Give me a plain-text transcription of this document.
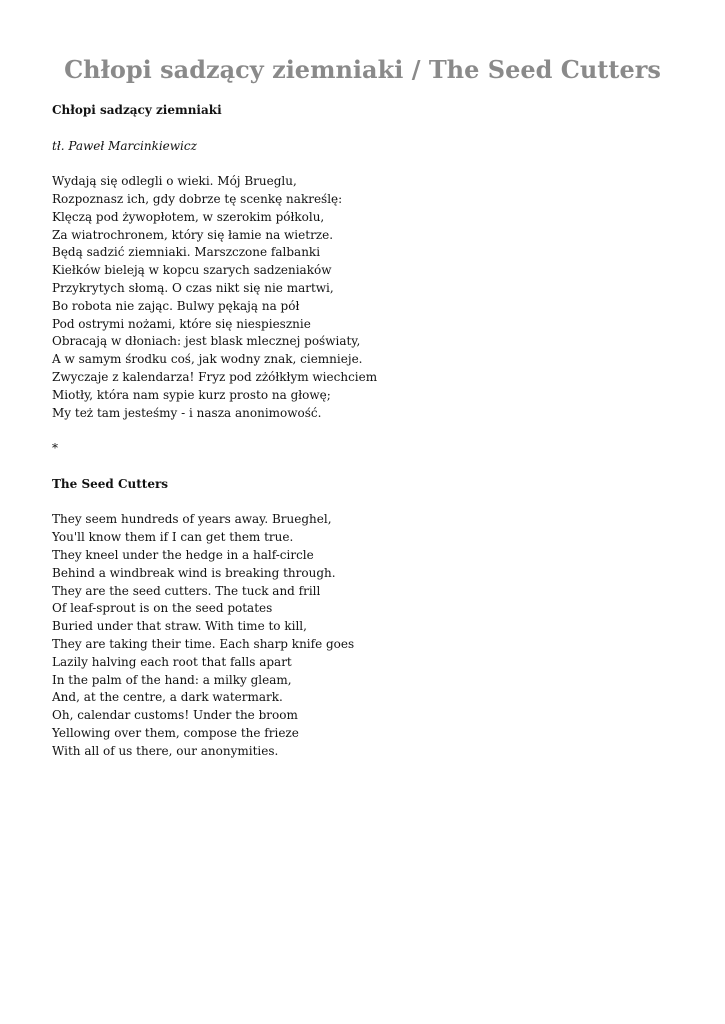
Chłopi sadzący ziemniaki / The Seed Cutters

Chłopi sadzący ziemniaki

tł. Paweł Marcinkiewicz

Wydają się odlegli o wieki. Mój Brueglu,
Rozpoznasz ich, gdy dobrze tę scenkę nakreślę:
Klęczą pod żywopłotem, w szerokim półkolu,
Za wiatrochronem, który się łamie na wietrze.
Będą sadzić ziemniaki. Marszczone falbanki
Kiełków bieleją w kopcu szarych sadzeniaków
Przykrytych słomą. O czas nikt się nie martwi,
Bo robota nie zając. Bulwy pękają na pół
Pod ostrymi nożami, które się niespiesznie
Obracają w dłoniach: jest blask mlecznej poświaty,
A w samym środku coś, jak wodny znak, ciemnieje.
Zwyczaje z kalendarza! Fryz pod zżółkłym wiechciem
Miotły, która nam sypie kurz prosto na głowę;
My też tam jesteśmy - i nasza anonimowość.

*

The Seed Cutters

They seem hundreds of years away. Brueghel,
You'll know them if I can get them true.
They kneel under the hedge in a half-circle
Behind a windbreak wind is breaking through.
They are the seed cutters. The tuck and frill
Of leaf-sprout is on the seed potates
Buried under that straw. With time to kill,
They are taking their time. Each sharp knife goes
Lazily halving each root that falls apart
In the palm of the hand: a milky gleam,
And, at the centre, a dark watermark.
Oh, calendar customs! Under the broom
Yellowing over them, compose the frieze
With all of us there, our anonymities.
